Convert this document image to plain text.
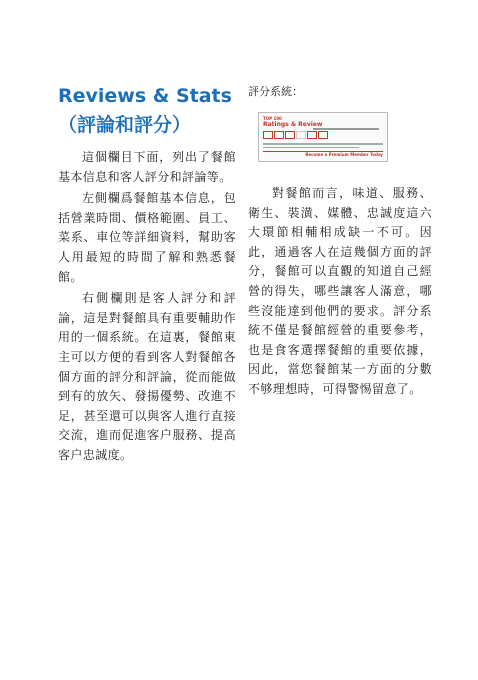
Reviews & Stats
（評論和評分）

這個欄目下面，列出了餐館基本信息和客人評分和評論等。

左側欄爲餐館基本信息，包括營業時間、價格範圍、員工、菜系、車位等詳細資料，幫助客人用最短的時間了解和熟悉餐館。

右側欄則是客人評分和評論，這是對餐館具有重要輔助作用的一個系統。在這裏，餐館東主可以方便的看到客人對餐館各個方面的評分和評論，從而能做到有的放矢、發揚優勢、改進不足，甚至還可以與客人進行直接交流，進而促進客户服務、提高客户忠誠度。

評分系統：

TOP 100
Ratings & Review
Become a Premium Member Today

對餐館而言，味道、服務、衛生、裝潢、媒體、忠誠度這六大環節相輔相成缺一不可。因此，通過客人在這幾個方面的評分，餐館可以直觀的知道自己經營的得失，哪些讓客人滿意，哪些沒能達到他們的要求。評分系統不僅是餐館經營的重要參考，也是食客選擇餐館的重要依據，因此，當您餐館某一方面的分數不够理想時，可得警惕留意了。
